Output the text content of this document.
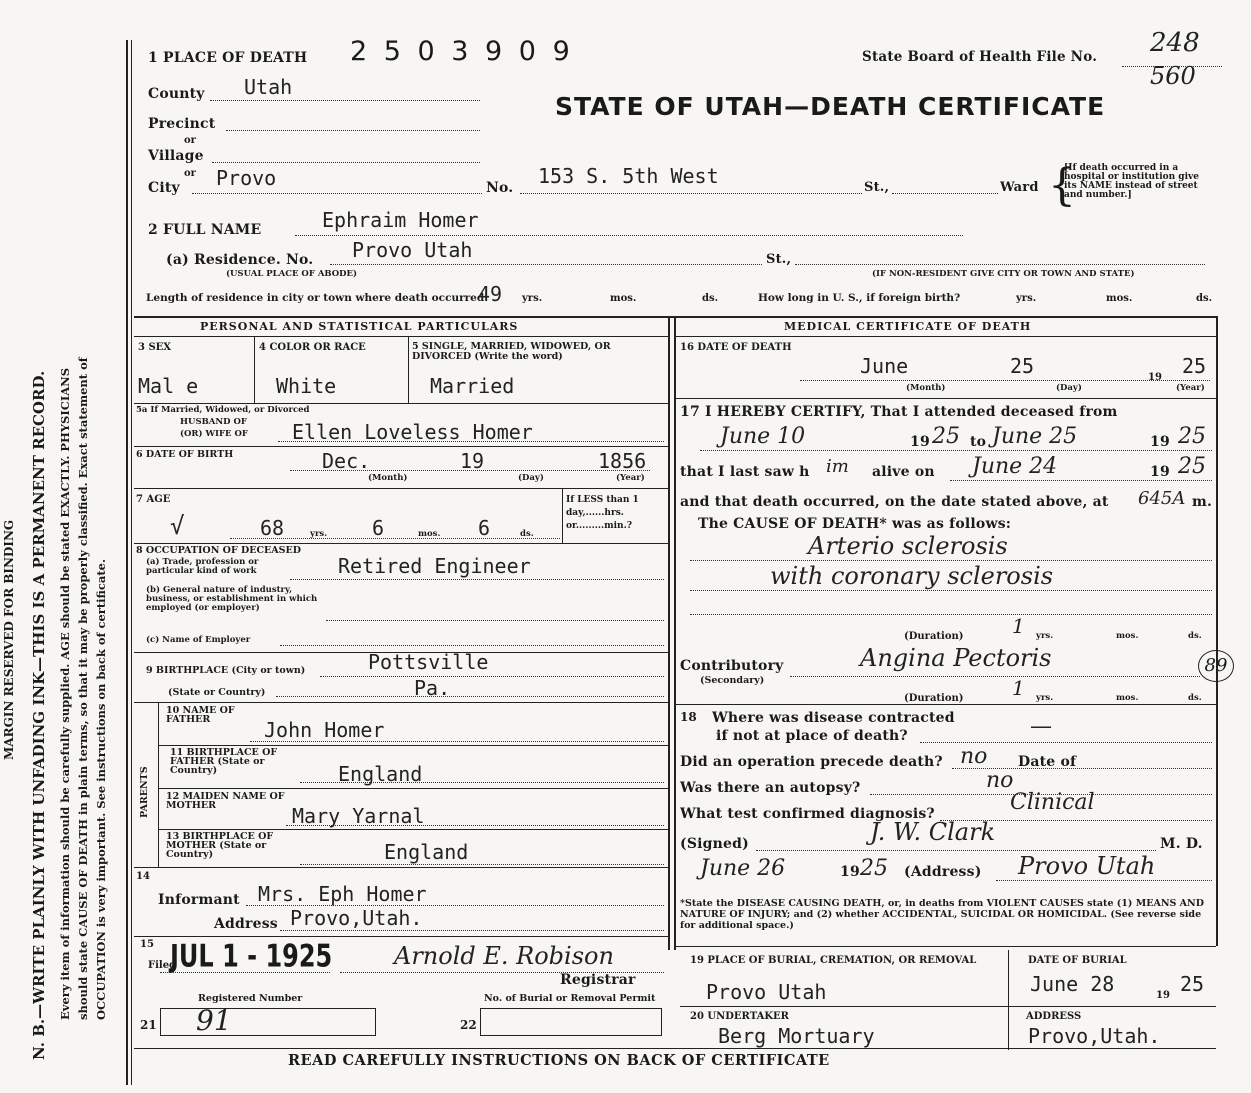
MARGIN RESERVED FOR BINDING N. B.—WRITE PLAINLY WITH UNFADING INK—THIS IS A PERMANENT RECORD. Every item of information should be carefully supplied. AGE should be stated EXACTLY. PHYSICIANS should state CAUSE OF DEATH in plain terms, so that it may be properly classified. Exact statement of OCCUPATION is very important. See instructions on back of certificate.
1 PLACE OF DEATH 2 5 0 3 9 0 9	State Board of Health File No. 248
560
STATE OF UTAH—DEATH CERTIFICATE
County Utah
Precinct
or
Village
or
City Provo	No. 153 S. 5th West	St.,	Ward {
[If death occurred in a hospital or institution give its NAME instead of street and number.]
2 FULL NAME	Ephraim Homer
(a) Residence. No. Provo Utah	St.,
(USUAL PLACE OF ABODE)	(IF NON-RESIDENT GIVE CITY OR TOWN AND STATE)
Length of residence in city or town where death occurred
49 yrs.	mos.	ds.	How long in U. S., if foreign birth?	yrs.	mos.	ds.
PERSONAL AND STATISTICAL PARTICULARS
3 SEX
Mal e
4 COLOR OR RACE
White
5 SINGLE, MARRIED, WIDOWED, OR DIVORCED (Write the word)
Married
5a If Married, Widowed, or Divorced
HUSBAND OF
(OR) WIFE OF Ellen Loveless Homer
6 DATE OF BIRTH	Dec.	19	1856
(Month)	(Day)	(Year)
7 AGE
√	68	yrs. 6	mos. 6	ds.
If LESS than 1 day,......hrs. or.........min.?
8 OCCUPATION OF DECEASED
(a) Trade, profession or particular kind of work	Retired Engineer
(b) General nature of industry, business, or establishment in which employed (or employer)
(c) Name of Employer
9 BIRTHPLACE (City or town)	Pottsville
(State or Country)	Pa.
PARENTS
10 NAME OF FATHER	John Homer
11 BIRTHPLACE OF FATHER (State or Country)	England
12 MAIDEN NAME OF MOTHER	Mary Yarnal
13 BIRTHPLACE OF MOTHER (State or Country)	England
14
Informant Mrs. Eph Homer
Address Provo,Utah.
15
Filed
JUL 1 - 1925	Arnold E. Robison
Registrar
Registered Number	No. of Burial or Removal Permit
21 91	22
MEDICAL CERTIFICATE OF DEATH
16 DATE OF DEATH
June	25	19 25
(Month)	(Day)	(Year)
17 I HEREBY CERTIFY, That I attended deceased from
June 10	19 25 to June 25	19 25
that I last saw h im alive on June 24	19 25
and that death occurred, on the date stated above, at 645A m.
The CAUSE OF DEATH* was as follows:
Arterio sclerosis
with coronary sclerosis
(Duration) 1 yrs.	mos.	ds.
Contributory
(Secondary)
Angina Pectoris	89
(Duration) 1 yrs.	mos.	ds.
18 Where was disease contracted
if not at place of death?	—
Did an operation precede death? no Date of
Was there an autopsy?	no
What test confirmed diagnosis?	Clinical
(Signed)	J. W. Clark	M. D.
June 26	19 25 (Address) Provo Utah
*State the DISEASE CAUSING DEATH, or, in deaths from VIOLENT CAUSES state (1) MEANS AND NATURE OF INJURY; and (2) whether ACCIDENTAL, SUICIDAL OR HOMICIDAL. (See reverse side for additional space.)
19 PLACE OF BURIAL, CREMATION, OR REMOVAL
Provo Utah
DATE OF BURIAL
June 28	19 25
20 UNDERTAKER
Berg Mortuary
ADDRESS
Provo,Utah.
READ CAREFULLY INSTRUCTIONS ON BACK OF CERTIFICATE
